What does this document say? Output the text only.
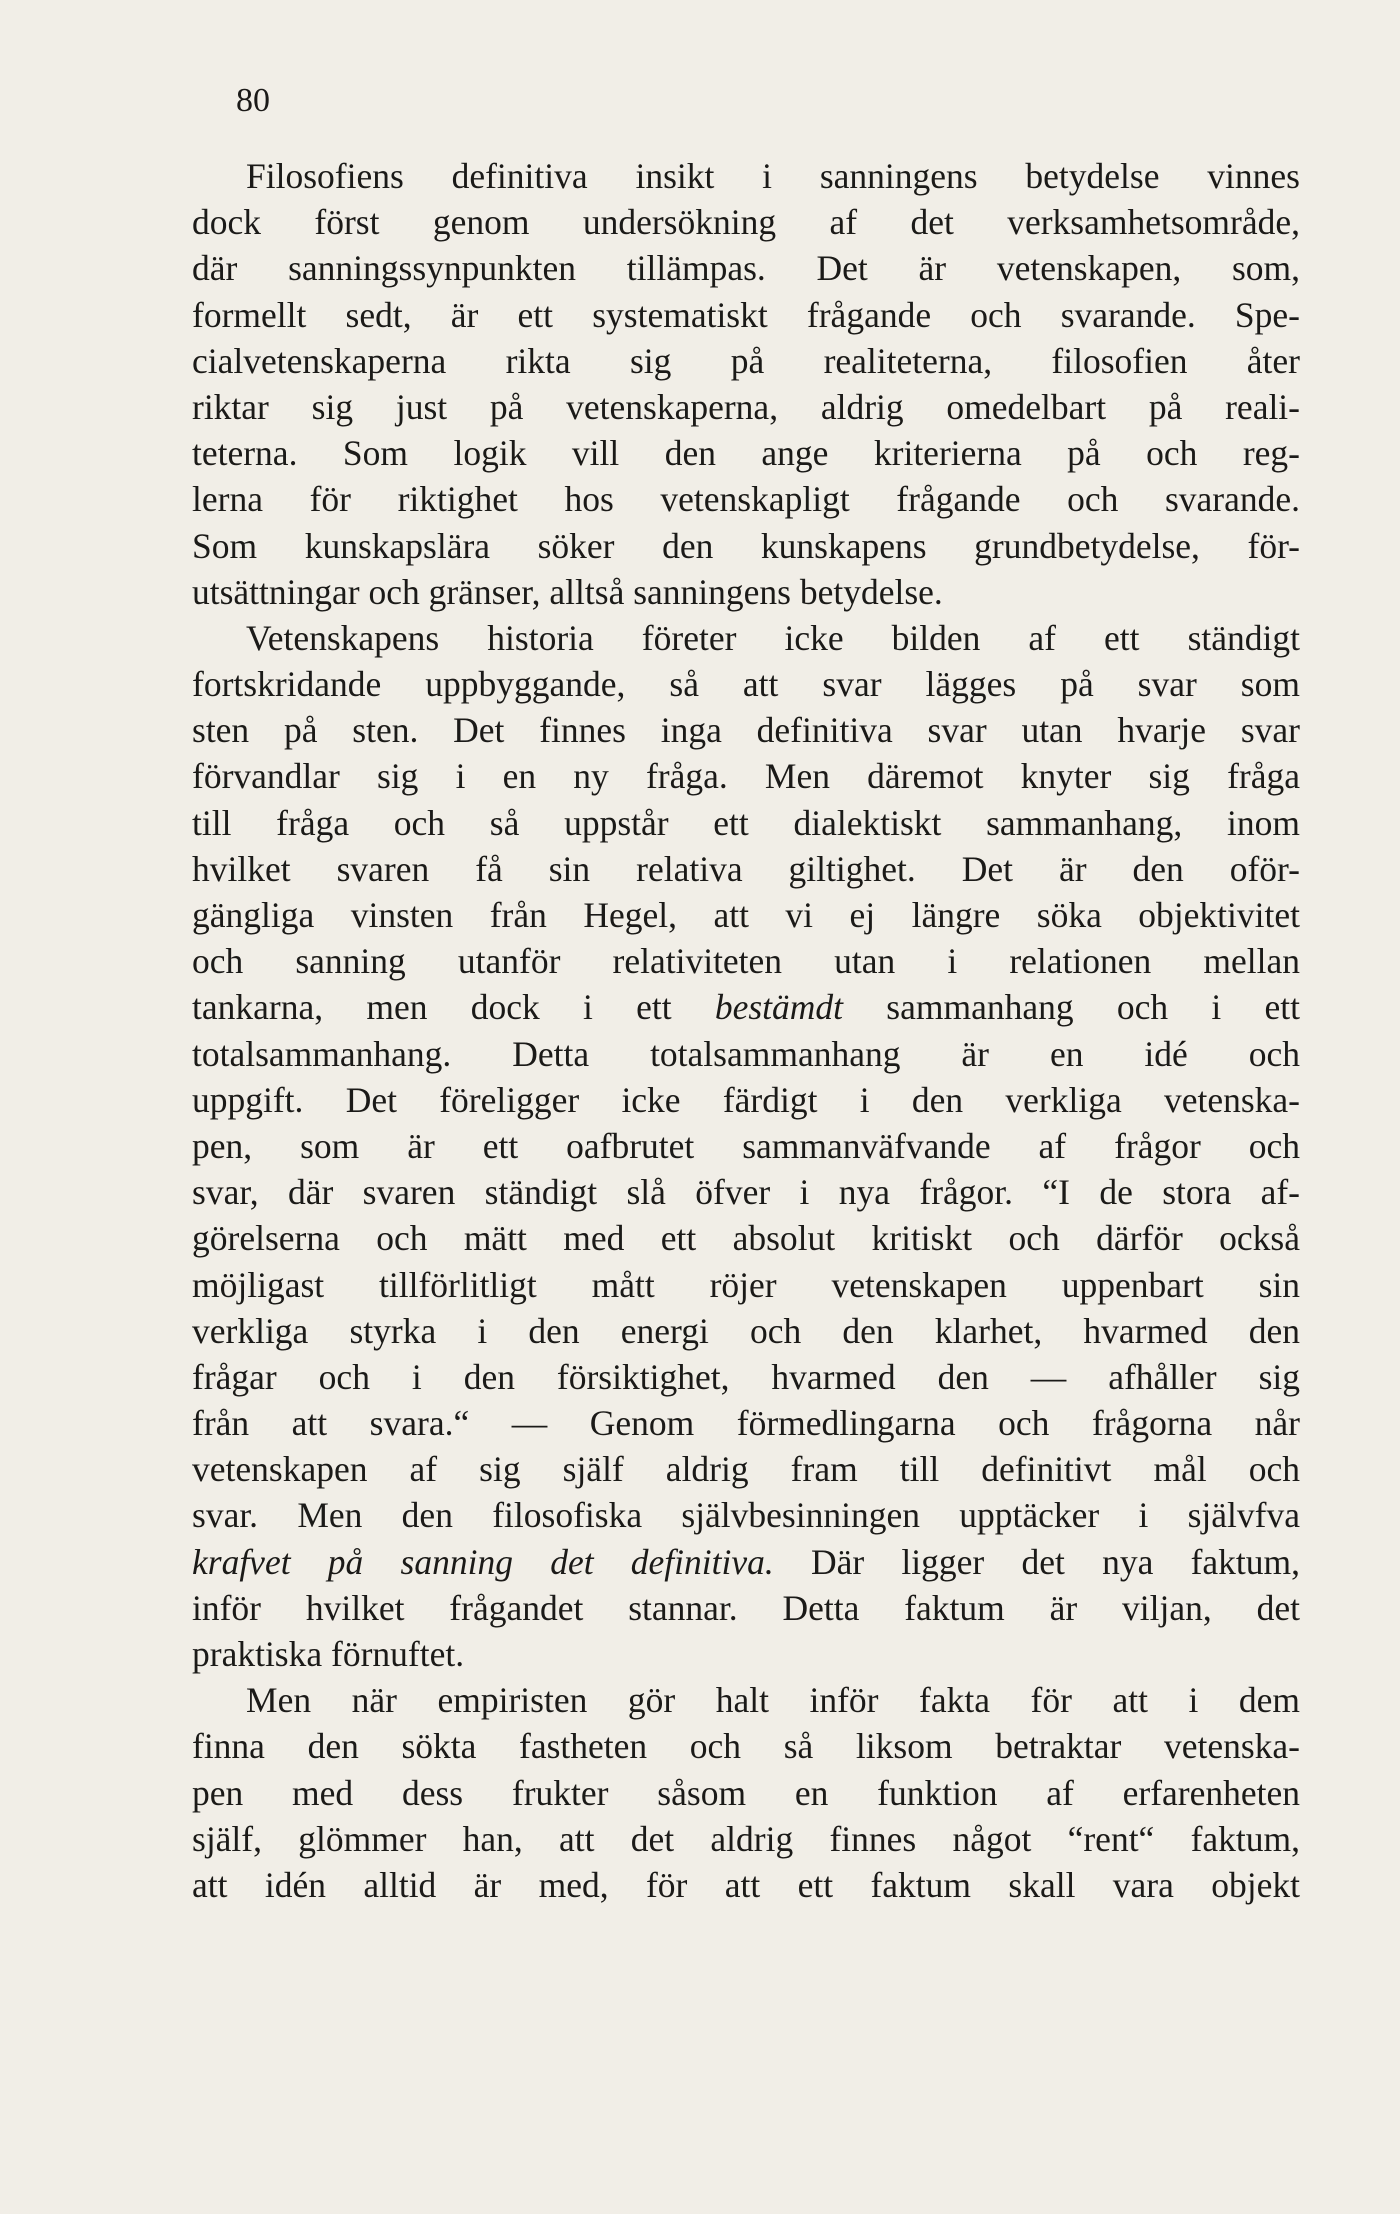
80
Filosofiens definitiva insikt i sanningens betydelse vinnes
dock först genom undersökning af det verksamhetsområde,
där sanningssynpunkten tillämpas. Det är vetenskapen, som,
formellt sedt, är ett systematiskt frågande och svarande. Spe-
cialvetenskaperna rikta sig på realiteterna, filosofien åter
riktar sig just på vetenskaperna, aldrig omedelbart på reali-
teterna. Som logik vill den ange kriterierna på och reg-
lerna för riktighet hos vetenskapligt frågande och svarande.
Som kunskapslära söker den kunskapens grundbetydelse, för-
utsättningar och gränser, alltså sanningens betydelse.
Vetenskapens historia företer icke bilden af ett ständigt
fortskridande uppbyggande, så att svar lägges på svar som
sten på sten. Det finnes inga definitiva svar utan hvarje svar
förvandlar sig i en ny fråga. Men däremot knyter sig fråga
till fråga och så uppstår ett dialektiskt sammanhang, inom
hvilket svaren få sin relativa giltighet. Det är den oför-
gängliga vinsten från Hegel, att vi ej längre söka objektivitet
och sanning utanför relativiteten utan i relationen mellan
tankarna, men dock i ett bestämdt sammanhang och i ett
totalsammanhang. Detta totalsammanhang är en idé och
uppgift. Det föreligger icke färdigt i den verkliga vetenska-
pen, som är ett oafbrutet sammanväfvande af frågor och
svar, där svaren ständigt slå öfver i nya frågor. “I de stora af-
görelserna och mätt med ett absolut kritiskt och därför också
möjligast tillförlitligt mått röjer vetenskapen uppenbart sin
verkliga styrka i den energi och den klarhet, hvarmed den
frågar och i den försiktighet, hvarmed den — afhåller sig
från att svara.“ — Genom förmedlingarna och frågorna når
vetenskapen af sig själf aldrig fram till definitivt mål och
svar. Men den filosofiska självbesinningen upptäcker i självfva
krafvet på sanning det definitiva. Där ligger det nya faktum,
inför hvilket frågandet stannar. Detta faktum är viljan, det
praktiska förnuftet.
Men när empiristen gör halt inför fakta för att i dem
finna den sökta fastheten och så liksom betraktar vetenska-
pen med dess frukter såsom en funktion af erfarenheten
själf, glömmer han, att det aldrig finnes något “rent“ faktum,
att idén alltid är med, för att ett faktum skall vara objekt
